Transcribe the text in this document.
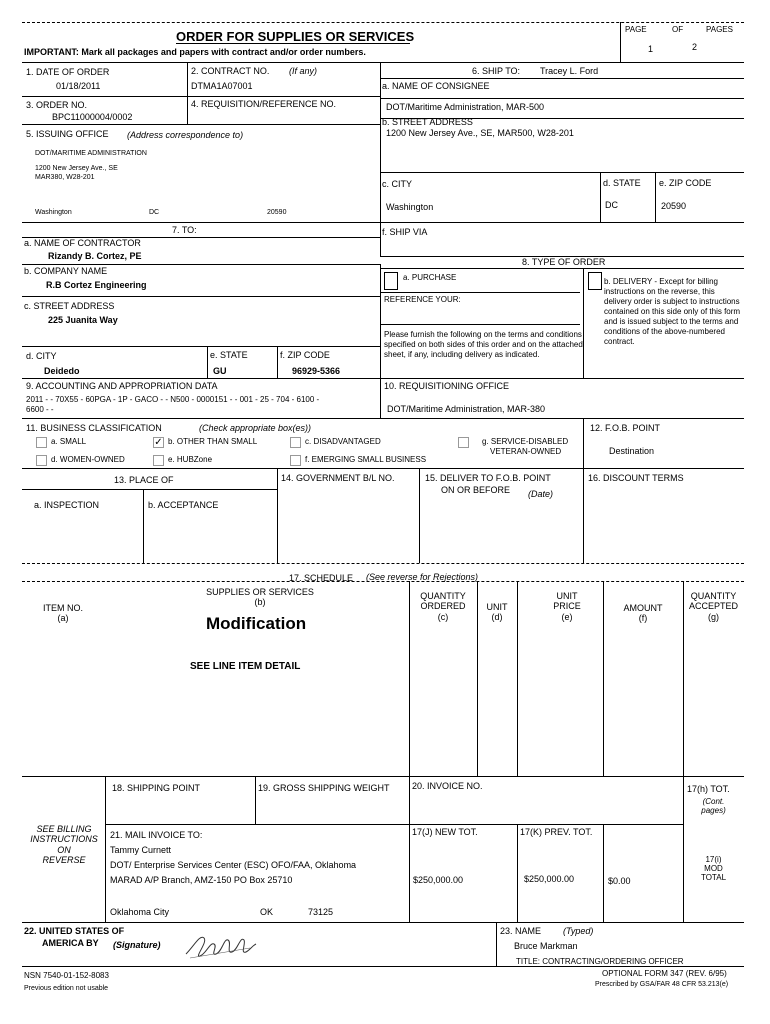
ORDER FOR SUPPLIES OR SERVICES
IMPORTANT: Mark all packages and papers with contract and/or order numbers.
PAGE	OF	PAGES
1	2
1. DATE OF ORDER
01/18/2011
2. CONTRACT NO. (If any)
DTMA1A07001
3. ORDER NO.
BPC11000004/0002
4. REQUISITION/REFERENCE NO.
5. ISSUING OFFICE (Address correspondence to)
DOT/MARITIME ADMINISTRATION
1200 New Jersey Ave., SE
MAR380, W28-201
Washington	DC	20590
6. SHIP TO: Tracey L. Ford
a. NAME OF CONSIGNEE
DOT/Maritime Administration, MAR-500
b. STREET ADDRESS
1200 New Jersey Ave., SE, MAR500, W28-201
c. CITY
Washington
d. STATE
DC
e. ZIP CODE
20590
f. SHIP VIA
7. TO:
a. NAME OF CONTRACTOR
Rizandy B. Cortez, PE
b. COMPANY NAME
R.B Cortez Engineering
c. STREET ADDRESS
225 Juanita Way
d. CITY
Deidedo
e. STATE
GU
f. ZIP CODE
96929-5366
8. TYPE OF ORDER
a. PURCHASE
REFERENCE YOUR:
Please furnish the following on the terms and conditions specified on both sides of this order and on the attached sheet, if any, including delivery as indicated.
b. DELIVERY - Except for billing instructions on the reverse, this delivery order is subject to instructions contained on this side only of this form and is issued subject to the terms and conditions of the above-numbered contract.
9. ACCOUNTING AND APPROPRIATION DATA
2011 - - 70X55 - 60PGA - 1P - GACO - - N500 - 0000151 - - 001 - 25 - 704 - 6100 -
6600 - -
10. REQUISITIONING OFFICE
DOT/Maritime Administration, MAR-380
11. BUSINESS CLASSIFICATION	(Check appropriate box(es))
a. SMALL	✓ b. OTHER THAN SMALL	c. DISADVANTAGED	g. SERVICE-DISABLED
VETERAN-OWNED
d. WOMEN-OWNED	e. HUBZone	f. EMERGING SMALL BUSINESS
12. F.O.B. POINT
Destination
13. PLACE OF
a. INSPECTION	b. ACCEPTANCE
14. GOVERNMENT B/L NO.	15. DELIVER TO F.O.B. POINT
ON OR BEFORE (Date)
16. DISCOUNT TERMS
17. SCHEDULE (See reverse for Rejections)
ITEM NO.
(a)
SUPPLIES OR SERVICES
(b)
QUANTITY
ORDERED
(c)
UNIT
(d)
UNIT
PRICE
(e)
AMOUNT
(f)
QUANTITY
ACCEPTED
(g)
Modification
SEE LINE ITEM DETAIL
18. SHIPPING POINT	19. GROSS SHIPPING WEIGHT 20. INVOICE NO.	17(h) TOT.
(Cont.
pages)
SEE BILLING
INSTRUCTIONS
ON
REVERSE
21. MAIL INVOICE TO:
Tammy Curnett
DOT/ Enterprise Services Center (ESC) OFO/FAA, Oklahoma
MARAD A/P Branch, AMZ-150 PO Box 25710
Oklahoma City	OK	73125
17(J) NEW TOT.
$250,000.00
17(K) PREV. TOT.
$250,000.00	$0.00
17(i)
MOD
TOTAL
22. UNITED STATES OF
AMERICA BY (Signature)
23. NAME (Typed)
Bruce Markman
TITLE: CONTRACTING/ORDERING OFFICER
NSN 7540-01-152-8083
Previous edition not usable
OPTIONAL FORM 347 (REV. 6/95)
Prescribed by GSA/FAR 48 CFR 53.213(e)
